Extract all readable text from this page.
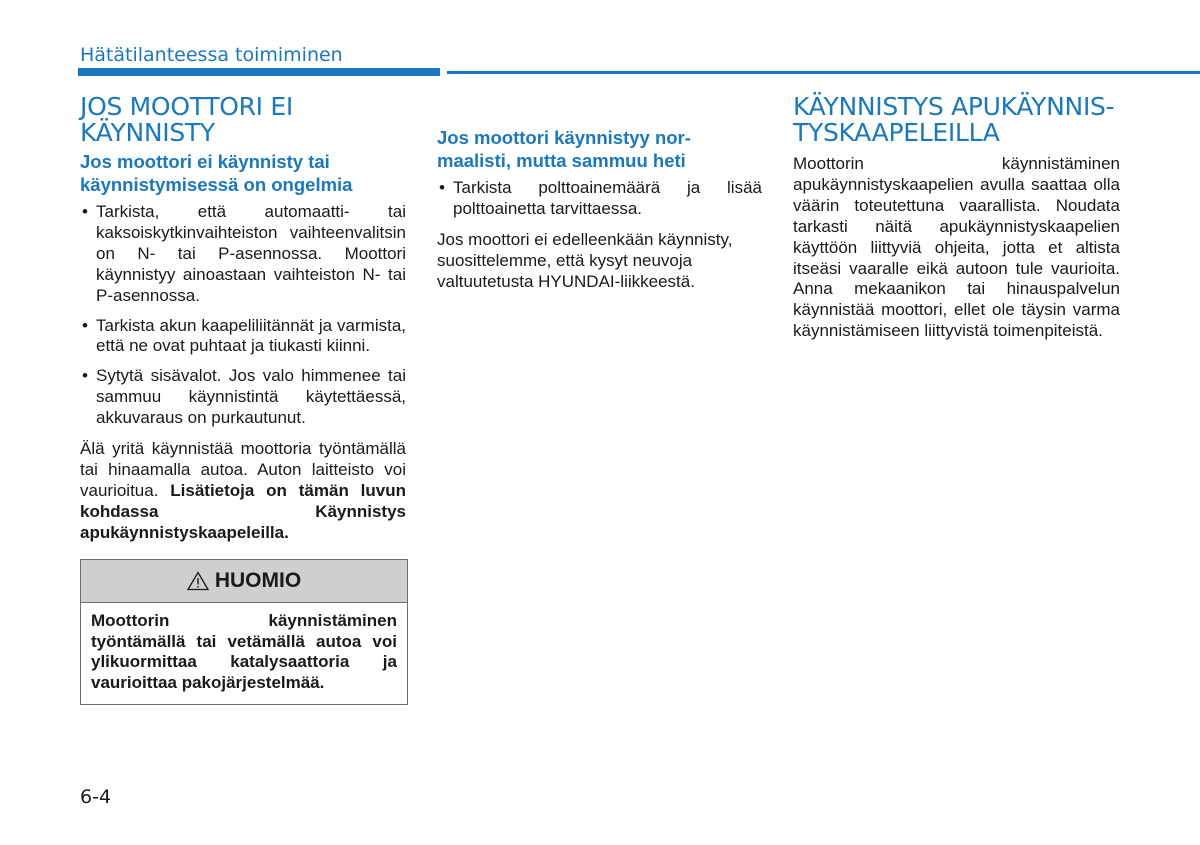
Hätätilanteessa toimiminen
JOS MOOTTORI EI KÄYNNISTY
Jos moottori ei käynnisty tai
käynnistymisessä on ongelmia
• Tarkista, että automaatti- tai kaksoiskytkinvaihteiston vaihteenvalitsin on N- tai P-asennossa. Moottori käynnistyy ainoastaan vaihteiston N- tai P-asennossa.
• Tarkista akun kaapeliliitännät ja varmista, että ne ovat puhtaat ja tiukasti kiinni.
• Sytytä sisävalot. Jos valo himmenee tai sammuu käynnistintä käytettäessä, akkuvaraus on purkautunut.

Älä yritä käynnistää moottoria työntämällä tai hinaamalla autoa. Auton laitteisto voi vaurioitua. Lisätietoja on tämän luvun kohdassa Käynnistys apukäynnistyskaapeleilla.

HUOMIO
Moottorin käynnistäminen työntämällä tai vetämällä autoa voi ylikuormittaa katalysaattoria ja vaurioittaa pakojärjestelmää.
Jos moottori käynnistyy nor-
maalisti, mutta sammuu heti
• Tarkista polttoainemäärä ja lisää polttoainetta tarvittaessa.

Jos moottori ei edelleenkään käynnisty, suosittelemme, että kysyt neuvoja valtuutetusta HYUNDAI-liikkeestä.

KÄYNNISTYS APUKÄYNNIS-
TYSKAAPELEILLA

Moottorin käynnistäminen apukäynnistyskaapelien avulla saattaa olla väärin toteutettuna vaarallista. Noudata tarkasti näitä apukäynnistyskaapelien käyttöön liittyviä ohjeita, jotta et altista itseäsi vaaralle eikä autoon tule vaurioita. Anna mekaanikon tai hinauspalvelun käynnistää moottori, ellet ole täysin varma käynnistämiseen liittyvistä toimenpiteistä.

6-4
